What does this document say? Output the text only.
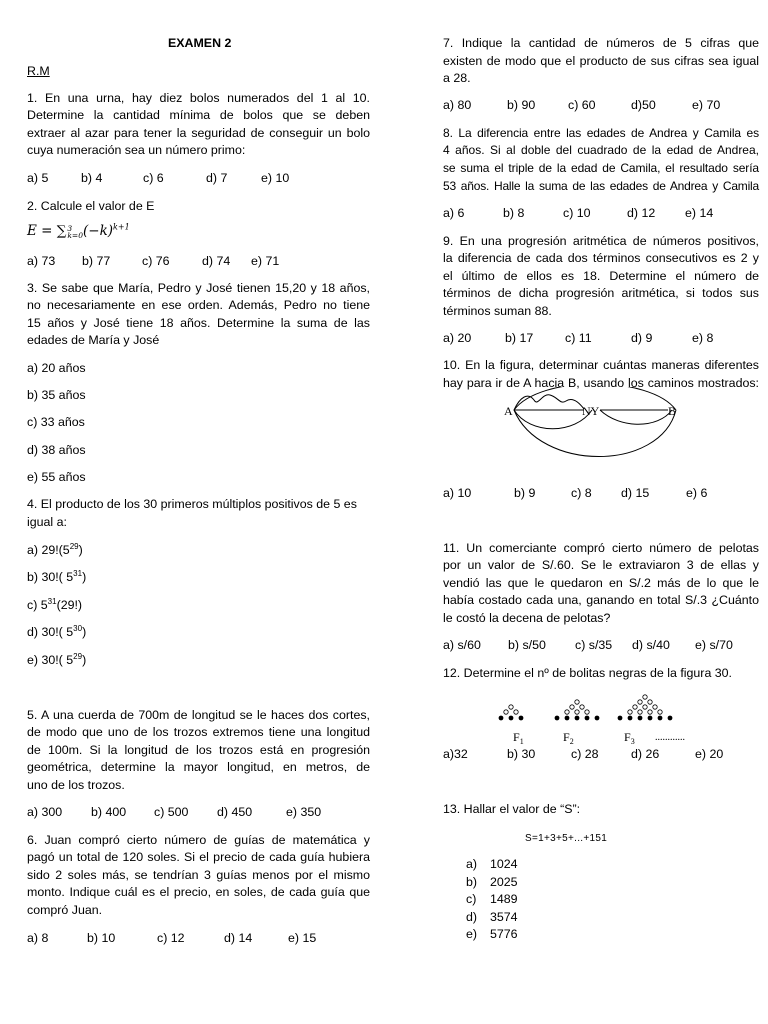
EXAMEN 2
R.M
1. En una urna, hay diez bolos numerados del 1 al 10.
Determine la cantidad mínima de bolos que se deben
extraer al azar para tener la seguridad de conseguir un bolo
cuya numeración sea un número primo:
a) 5	b) 4	c) 6	d) 7	e) 10
2. Calcule el valor de E
E = ∑ 3
k=0 $(-k)^{k+1}$
a) 73 b) 77	c) 76	d) 74 e) 71
3. Se sabe que María, Pedro y José tienen 15,20 y 18 años,
no necesariamente en ese orden. Además, Pedro no tiene
15 años y José tiene 18 años. Determine la suma de las
edades de María y José
a) 20 años
b) 35 años
c) 33 años
d) 38 años
e) 55 años
4. El producto de los 30 primeros múltiplos positivos de 5 es
igual a:
a) $29!(5^{29})$
b) 30!( $5^{31}$)
c) $5^{31}(29!)$
d) 30!( $5^{30}$)
e) 30!( $5^{29}$)
5. A una cuerda de 700m de longitud se le haces dos cortes,
de modo que uno de los trozos extremos tiene una longitud
de 100m. Si la longitud de los trozos está en progresión
geométrica, determine la mayor longitud, en metros, de
uno de los trozos.
a) 300 b) 400 c) 500 d) 450	e) 350
6. Juan compró cierto número de guías de matemática y
pagó un total de 120 soles. Si el precio de cada guía hubiera
sido 2 soles más, se tendrían 3 guías menos por el mismo
monto. Indique cuál es el precio, en soles, de cada guía que
compró Juan.
a) 8	b) 10	c) 12	d) 14	e) 15
7. Indique la cantidad de números de 5 cifras que
existen de modo que el producto de sus cifras sea igual
a 28.
a) 80	b) 90	c) 60	d)50	e) 70
8. La diferencia entre las edades de Andrea y Camila es
4 años. Si al doble del cuadrado de la edad de Andrea,
se suma el triple de la edad de Camila, el resultado sería
53 años. Halle la suma de las edades de Andrea y Camila
a) 6	b) 8	c) 10	d) 12 e) 14
9. En una progresión aritmética de números positivos,
la diferencia de cada dos términos consecutivos es 2 y
el último de ellos es 18. Determine el número de
términos de dicha progresión aritmética, si todos sus
términos suman 88.
a) 20	b) 17	c) 11	d) 9	e) 8
10. En la figura, determinar cuántas maneras diferentes
hay para ir de A hacia B, usando los caminos mostrados:
A	NY	B
a) 10	b) 9	c) 8 d) 15	e) 6
11. Un comerciante compró cierto número de pelotas
por un valor de S/.60. Se le extraviaron 3 de ellas y
vendió las que le quedaron en S/.2 más de lo que le
había costado cada una, ganando en total S/.3 ¿Cuánto
le costó la decena de pelotas?
a) s/60 b) s/50 c) s/35 d) s/40 e) s/70
12. Determine el nº de bolitas negras de la figura 30.
$F_1$	$F_2$	$F_3$ ............
a)32	b) 30	c) 28	d) 26	e) 20
13. Hallar el valor de “S”:
S=1+3+5+...+151
a) 1024
b) 2025
c) 1489
d) 3574
e) 5776
